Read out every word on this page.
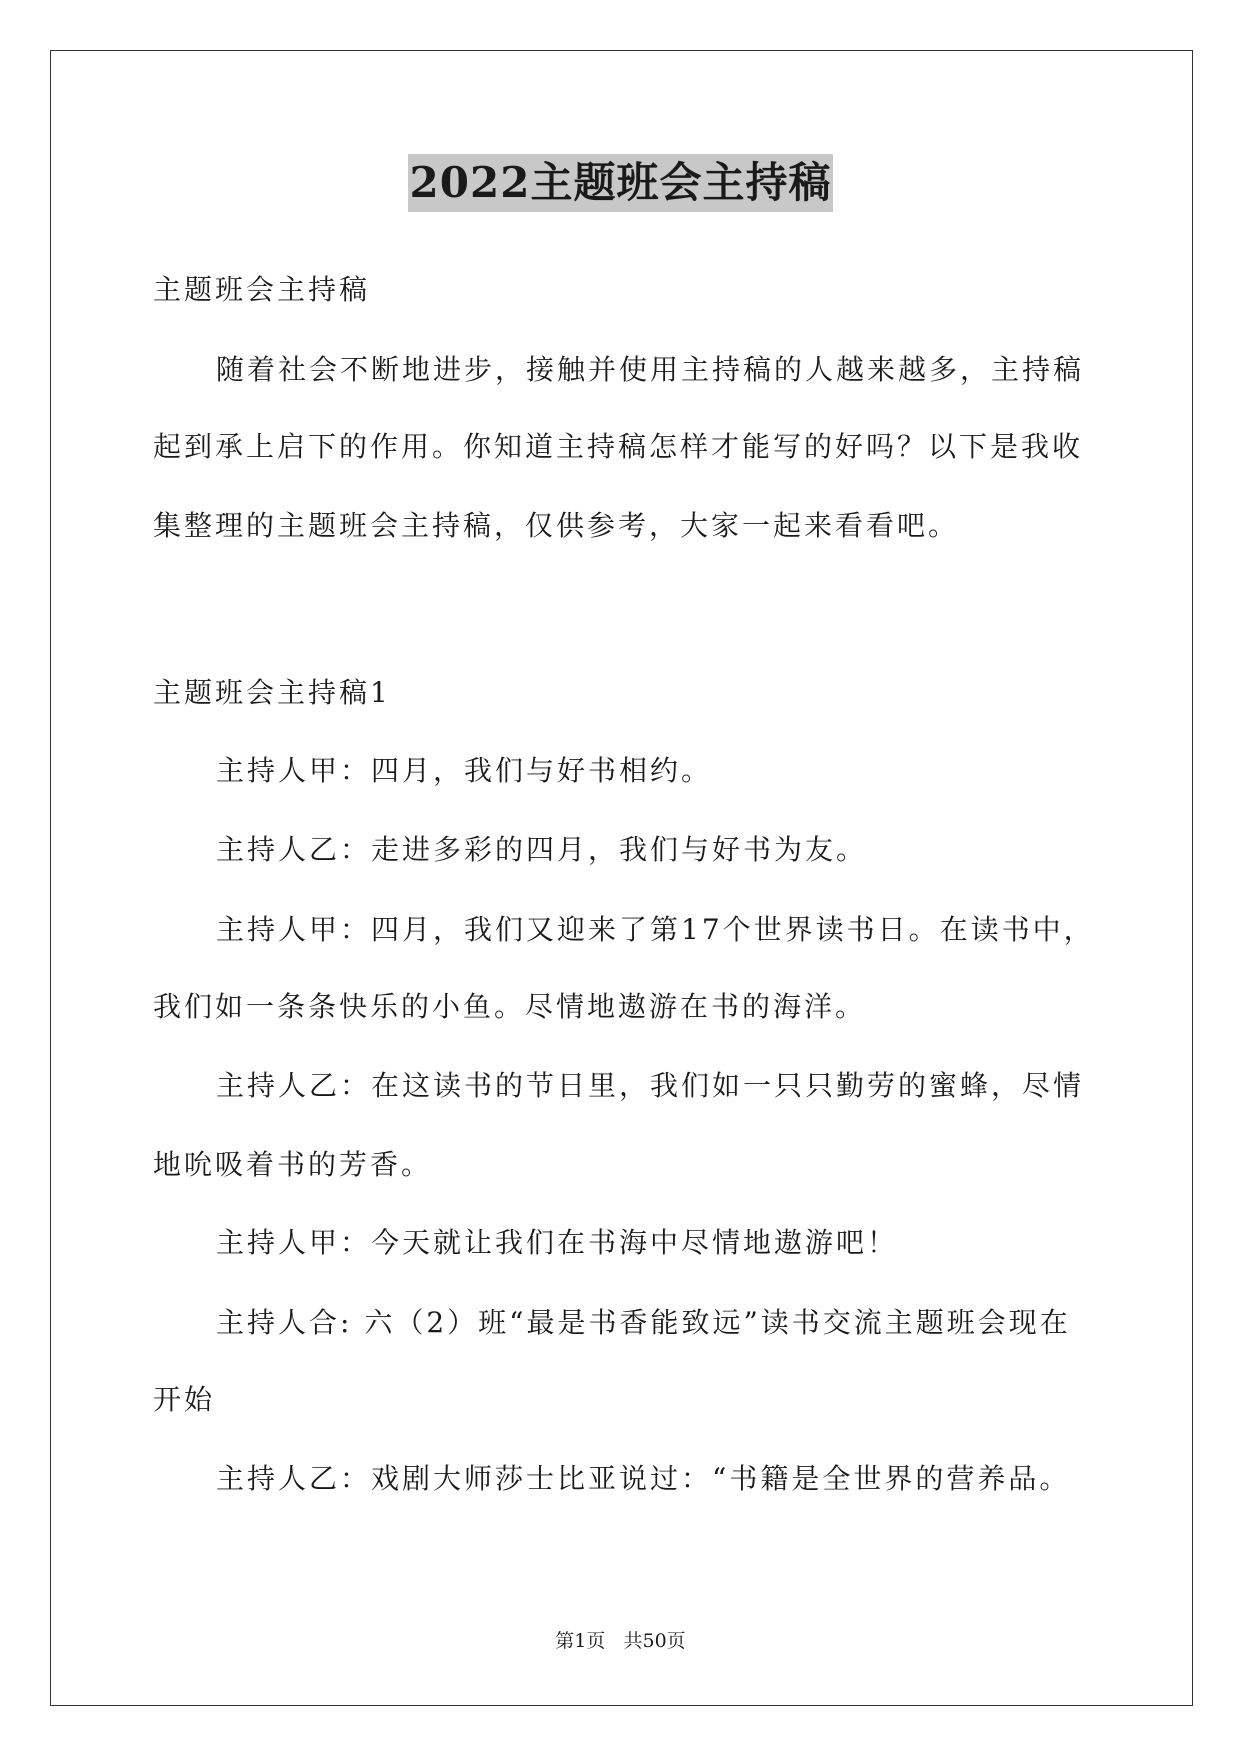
2022主题班会主持稿
主题班会主持稿
随着社会不断地进步，接触并使用主持稿的人越来越多，主持稿
起到承上启下的作用。你知道主持稿怎样才能写的好吗？以下是我收
集整理的主题班会主持稿，仅供参考，大家一起来看看吧。
主题班会主持稿1
主持人甲：四月，我们与好书相约。
主持人乙：走进多彩的四月，我们与好书为友。
主持人甲：四月，我们又迎来了第17个世界读书日。在读书中，
我们如一条条快乐的小鱼。尽情地遨游在书的海洋。
主持人乙：在这读书的节日里，我们如一只只勤劳的蜜蜂，尽情
地吮吸着书的芳香。
主持人甲：今天就让我们在书海中尽情地遨游吧！
主持人合: 六（2）班“最是书香能致远”读书交流主题班会现在
开始
主持人乙：戏剧大师莎士比亚说过：“书籍是全世界的营养品。
第1页   共50页
